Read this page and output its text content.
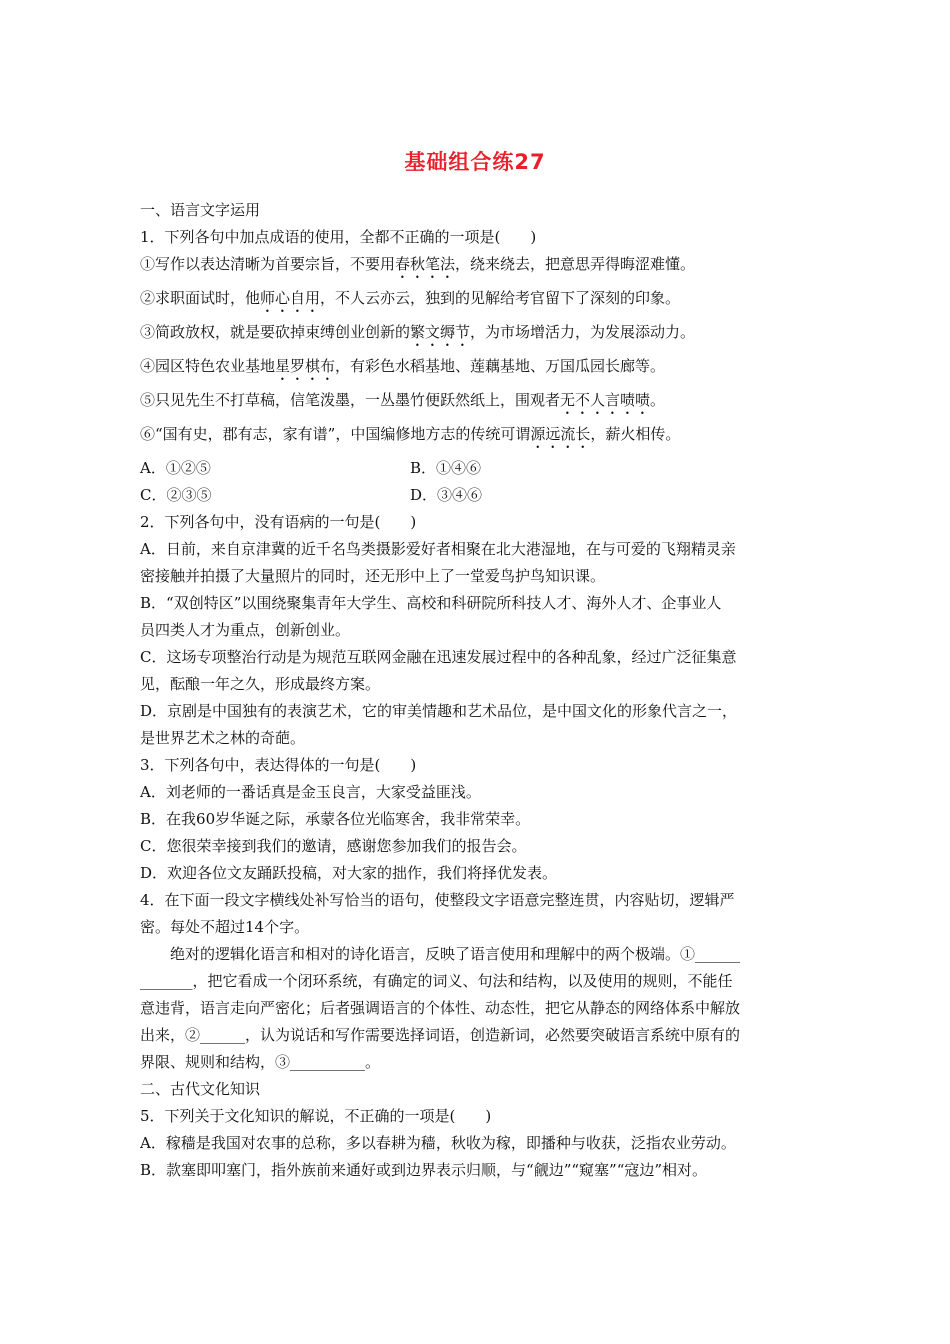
基础组合练27
一、语言文字运用
1．下列各句中加点成语的使用，全都不正确的一项是(　　)
①写作以表达清晰为首要宗旨，不要用春秋笔法，绕来绕去，把意思弄得晦涩难懂。
②求职面试时，他师心自用，不人云亦云，独到的见解给考官留下了深刻的印象。
③简政放权，就是要砍掉束缚创业创新的繁文缛节，为市场增活力，为发展添动力。
④园区特色农业基地星罗棋布，有彩色水稻基地、莲藕基地、万国瓜园长廊等。
⑤只见先生不打草稿，信笔泼墨，一丛墨竹便跃然纸上，围观者无不人言啧啧。
⑥“国有史，郡有志，家有谱”，中国编修地方志的传统可谓源远流长，薪火相传。
A．①②⑤	B．①④⑥
C．②③⑤	D．③④⑥
2．下列各句中，没有语病的一句是(　　)
A．日前，来自京津冀的近千名鸟类摄影爱好者相聚在北大港湿地，在与可爱的飞翔精灵亲
密接触并拍摄了大量照片的同时，还无形中上了一堂爱鸟护鸟知识课。
B．“双创特区”以围绕聚集青年大学生、高校和科研院所科技人才、海外人才、企事业人
员四类人才为重点，创新创业。
C．这场专项整治行动是为规范互联网金融在迅速发展过程中的各种乱象，经过广泛征集意
见，酝酿一年之久，形成最终方案。
D．京剧是中国独有的表演艺术，它的审美情趣和艺术品位，是中国文化的形象代言之一，
是世界艺术之林的奇葩。
3．下列各句中，表达得体的一句是(　　)
A．刘老师的一番话真是金玉良言，大家受益匪浅。
B．在我60岁华诞之际，承蒙各位光临寒舍，我非常荣幸。
C．您很荣幸接到我们的邀请，感谢您参加我们的报告会。
D．欢迎各位文友踊跃投稿，对大家的拙作，我们将择优发表。
4．在下面一段文字横线处补写恰当的语句，使整段文字语意完整连贯，内容贴切，逻辑严
密。每处不超过14个字。
绝对的逻辑化语言和相对的诗化语言，反映了语言使用和理解中的两个极端。①______
_______，把它看成一个闭环系统，有确定的词义、句法和结构，以及使用的规则，不能任
意违背，语言走向严密化；后者强调语言的个体性、动态性，把它从静态的网络体系中解放
出来，②______，认为说话和写作需要选择词语，创造新词，必然要突破语言系统中原有的
界限、规则和结构，③__________。
二、古代文化知识
5．下列关于文化知识的解说，不正确的一项是(　　)
A．稼穑是我国对农事的总称，多以春耕为穑，秋收为稼，即播种与收获，泛指农业劳动。
B．款塞即叩塞门，指外族前来通好或到边界表示归顺，与“觎边”“窥塞”“寇边”相对。
